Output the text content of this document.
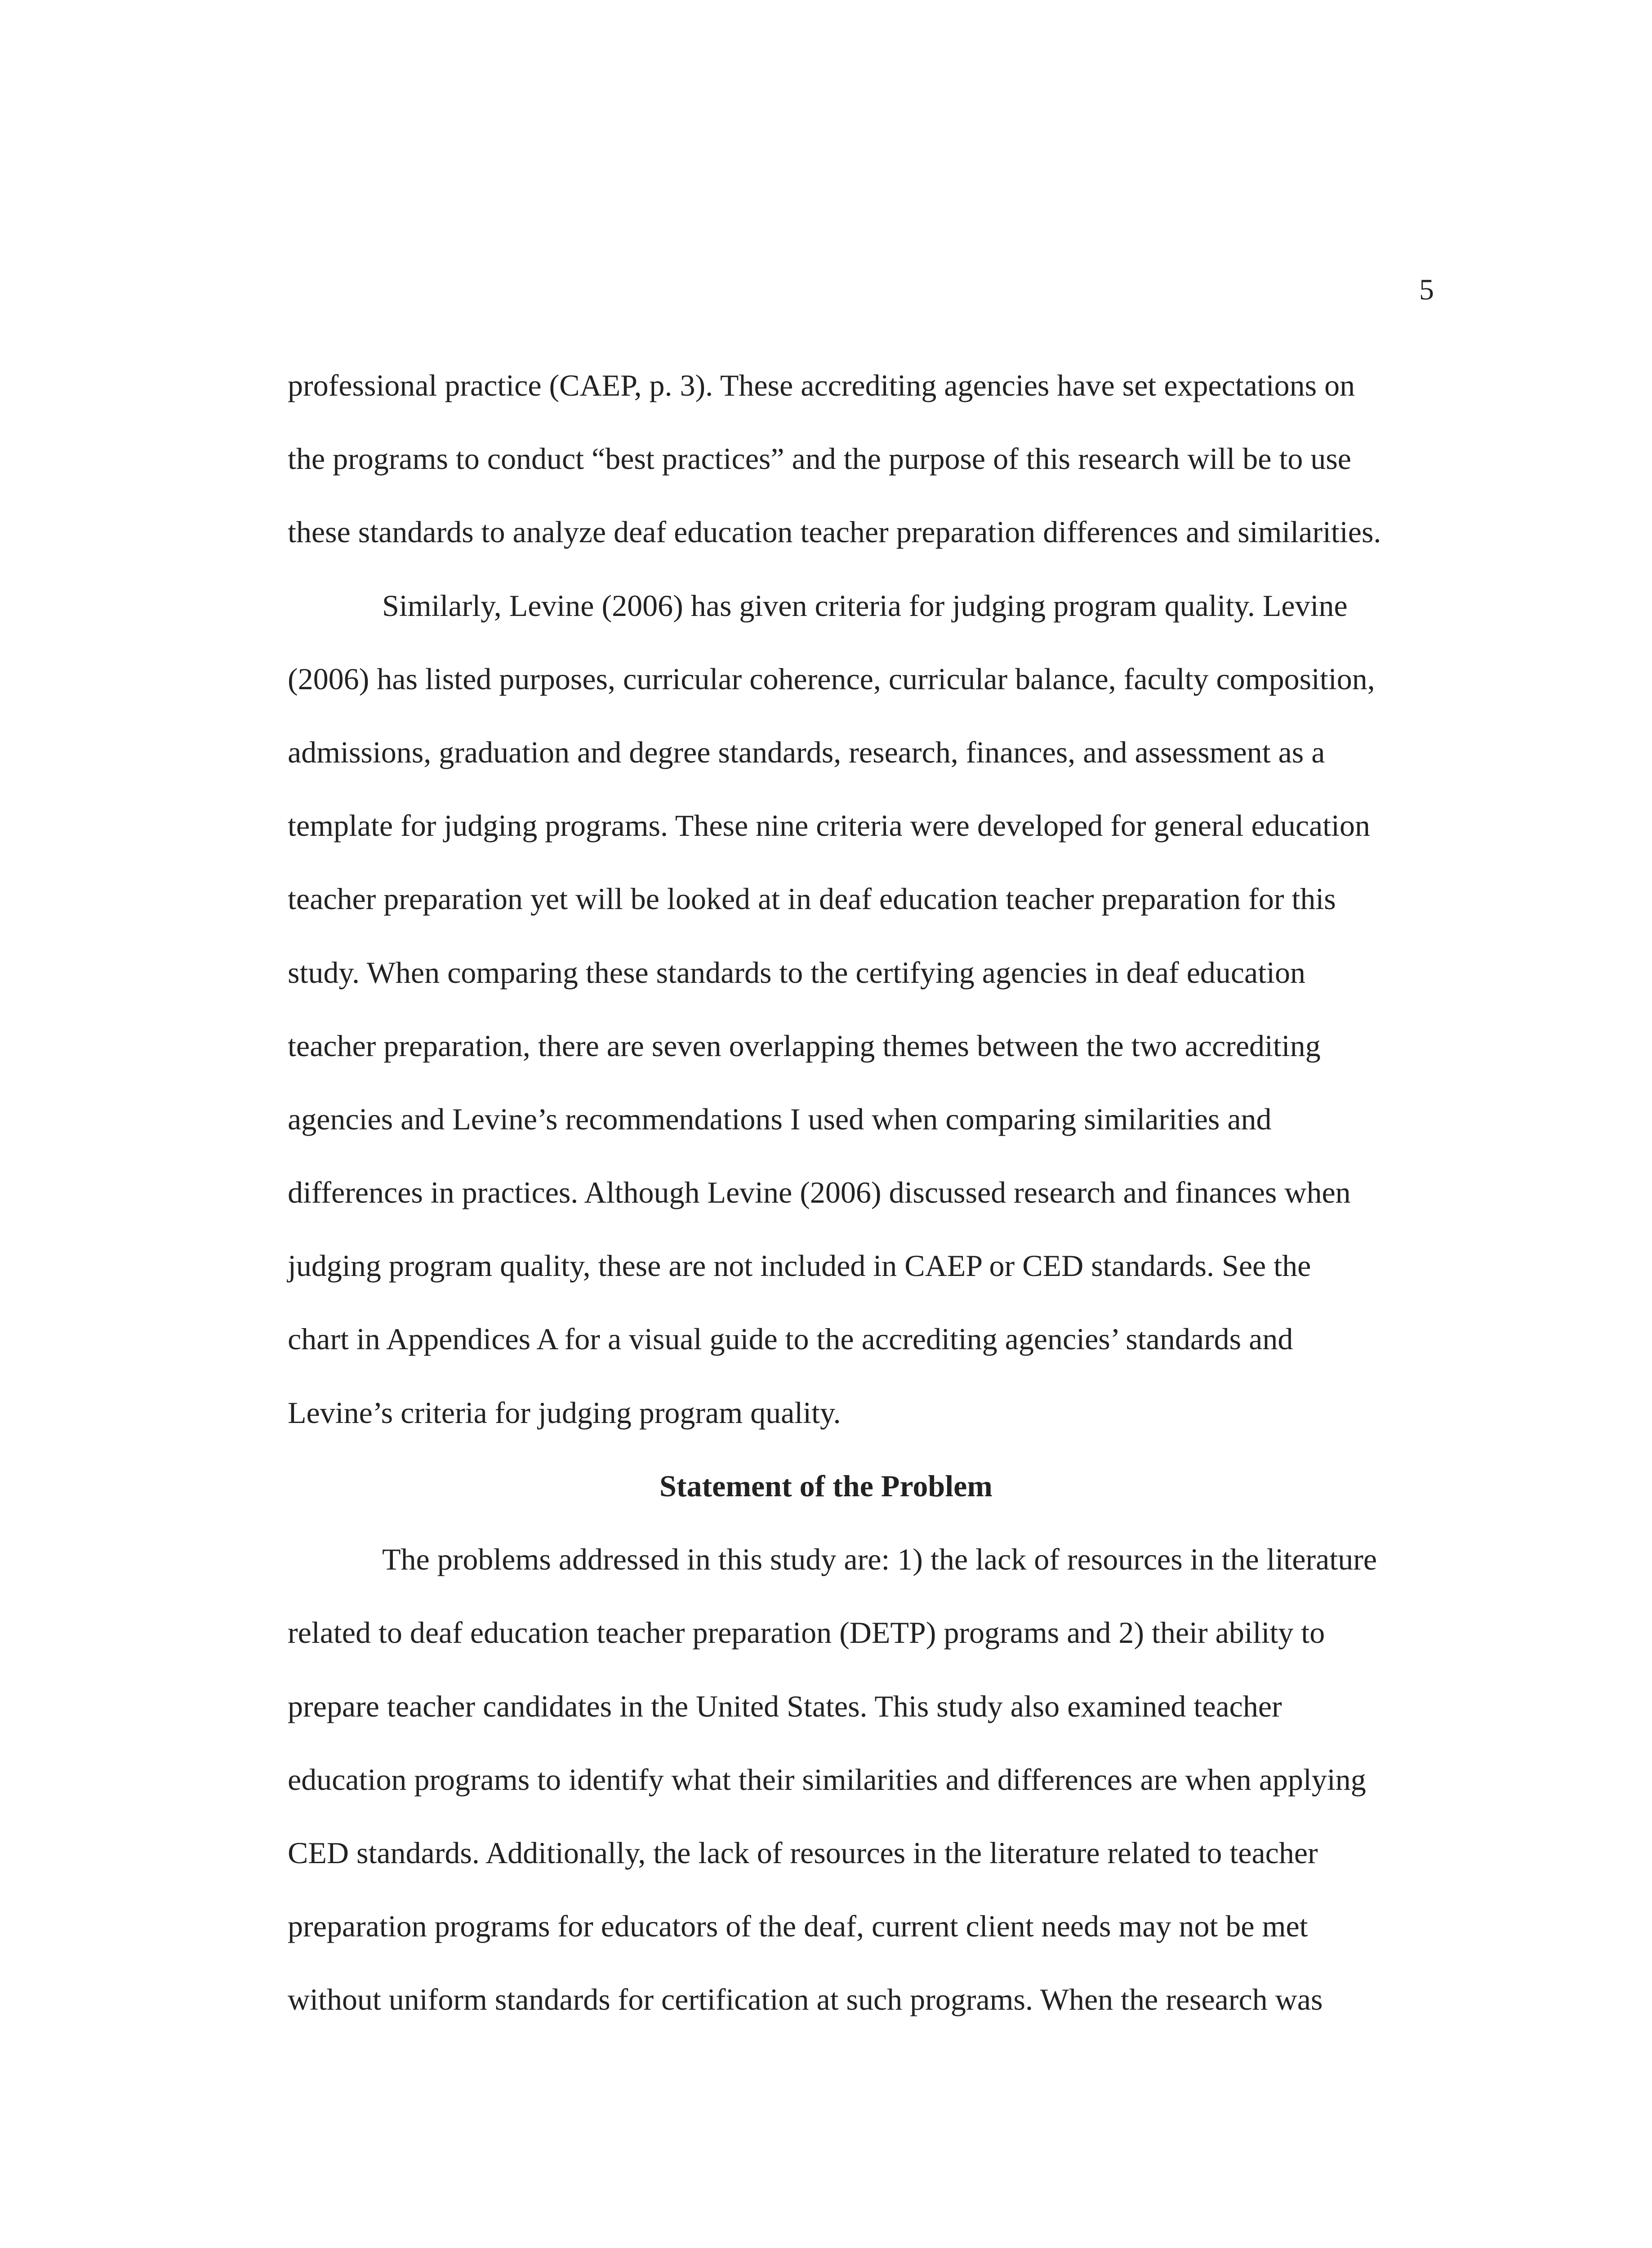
5
professional practice (CAEP, p. 3). These accrediting agencies have set expectations on
the programs to conduct “best practices” and the purpose of this research will be to use
these standards to analyze deaf education teacher preparation differences and similarities.
Similarly, Levine (2006) has given criteria for judging program quality. Levine
(2006) has listed purposes, curricular coherence, curricular balance, faculty composition,
admissions, graduation and degree standards, research, finances, and assessment as a
template for judging programs. These nine criteria were developed for general education
teacher preparation yet will be looked at in deaf education teacher preparation for this
study. When comparing these standards to the certifying agencies in deaf education
teacher preparation, there are seven overlapping themes between the two accrediting
agencies and Levine’s recommendations I used when comparing similarities and
differences in practices. Although Levine (2006) discussed research and finances when
judging program quality, these are not included in CAEP or CED standards. See the
chart in Appendices A for a visual guide to the accrediting agencies’ standards and
Levine’s criteria for judging program quality.
Statement of the Problem
The problems addressed in this study are: 1) the lack of resources in the literature
related to deaf education teacher preparation (DETP) programs and 2) their ability to
prepare teacher candidates in the United States. This study also examined teacher
education programs to identify what their similarities and differences are when applying
CED standards. Additionally, the lack of resources in the literature related to teacher
preparation programs for educators of the deaf, current client needs may not be met
without uniform standards for certification at such programs. When the research was
